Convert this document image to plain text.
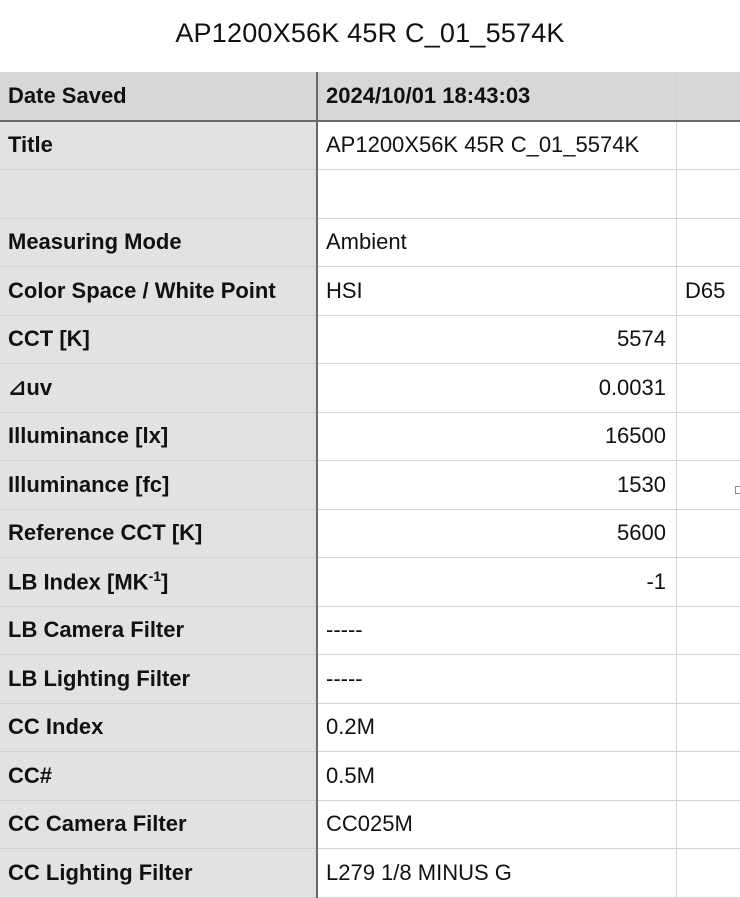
AP1200X56K 45R C_01_5574K
Date Saved	2024/10/01 18:43:03	
Title	AP1200X56K 45R C_01_5574K	

Measuring Mode	Ambient	
Color Space / White Point	HSI	D65
CCT [K]	5574	
⊿uv	0.0031	
Illuminance [lx]	16500	
Illuminance [fc]	1530	
Reference CCT [K]	5600	
LB Index $[MK^{-1}]$	-1	
LB Camera Filter	-----	
LB Lighting Filter	-----	
CC Index	0.2M	
CC#	0.5M	
CC Camera Filter	CC025M	
CC Lighting Filter	L279 1/8 MINUS G	
